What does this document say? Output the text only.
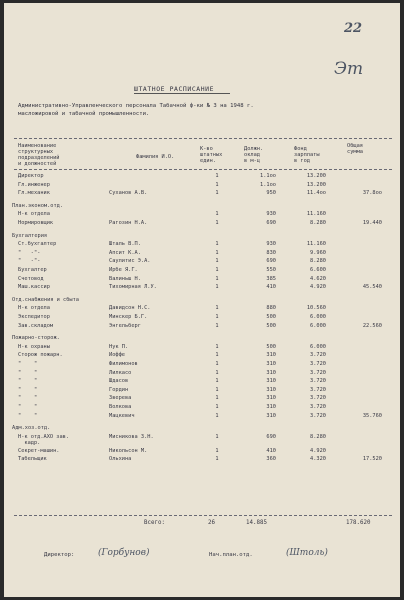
22
Эт
ШТАТНОЕ РАСПИСАНИЕ
Административно-Управленческого персонала Табачной ф-ки № 3 на 1948 г.
масложировой и табачной промышленности.
Наименование
структурных
подразделений
и должностей
Фамилия И.О.
К-во
штатных
един.
Должн.
оклад
в м-ц
Фонд
зарплаты
в год
Общая
сумма
Директор	1	1.1oo	13.200
Гл.инженер	1	1.1oo	13.200
Гл.механик	Суханов А.В.	1	950	11.4oo	37.8oo
План.эконом.отд.
Н-к отдела	1	930	11.160
Нормировщик	Рагозин Н.А.	1	690	8.280	19.440
Бухгалтерия
Ст.бухгалтер	Шталь В.П.	1	930	11.160
"   -"-	Апсит К.А.	1	830	9.960
"   -"-	Саулитис Э.А.	1	690	8.280
Бухгалтер	Ирбе Я.Г.	1	550	6.600
Счетовод	Валиньш Н.	1	385	4.620
Маш.кассир	Тихомирная Л.У.	1	410	4.920	45.540
Отд.снабжения и сбыта
Н-к отдела	Давидсон Н.С.	1	880	10.560
Экспедитор	Минскер Б.Г.	1	500	6.000
Зав.складом	Энгельберг	1	500	6.000	22.560
Пожарно-сторож.
Н-к охраны	Нук П.	1	500	6.000
Сторож пожарн.	Иоффе	1	310	3.720
"    "	Филимонов	1	310	3.720
"    "	Лилкасо	1	310	3.720
"    "	Шдасов	1	310	3.720
"    "	Гордин	1	310	3.720
"    "	Зверева	1	310	3.720
"    "	Волкова	1	310	3.720
"    "	Мацкевич	1	310	3.720	35.760
Адм.хоз.отд.
Н-к отд.АХО зав.
кадр.
Мисникова З.Н.	1	690	8.280
Секрет-машин.	Никольсон М.	1	410	4.920
Табельщик	Ольхина	1	360	4.320	17.520
Всего:	26	14.885	178.620
Директор:	(Горбунов)	Нач.план.отд.	(Штоль)
